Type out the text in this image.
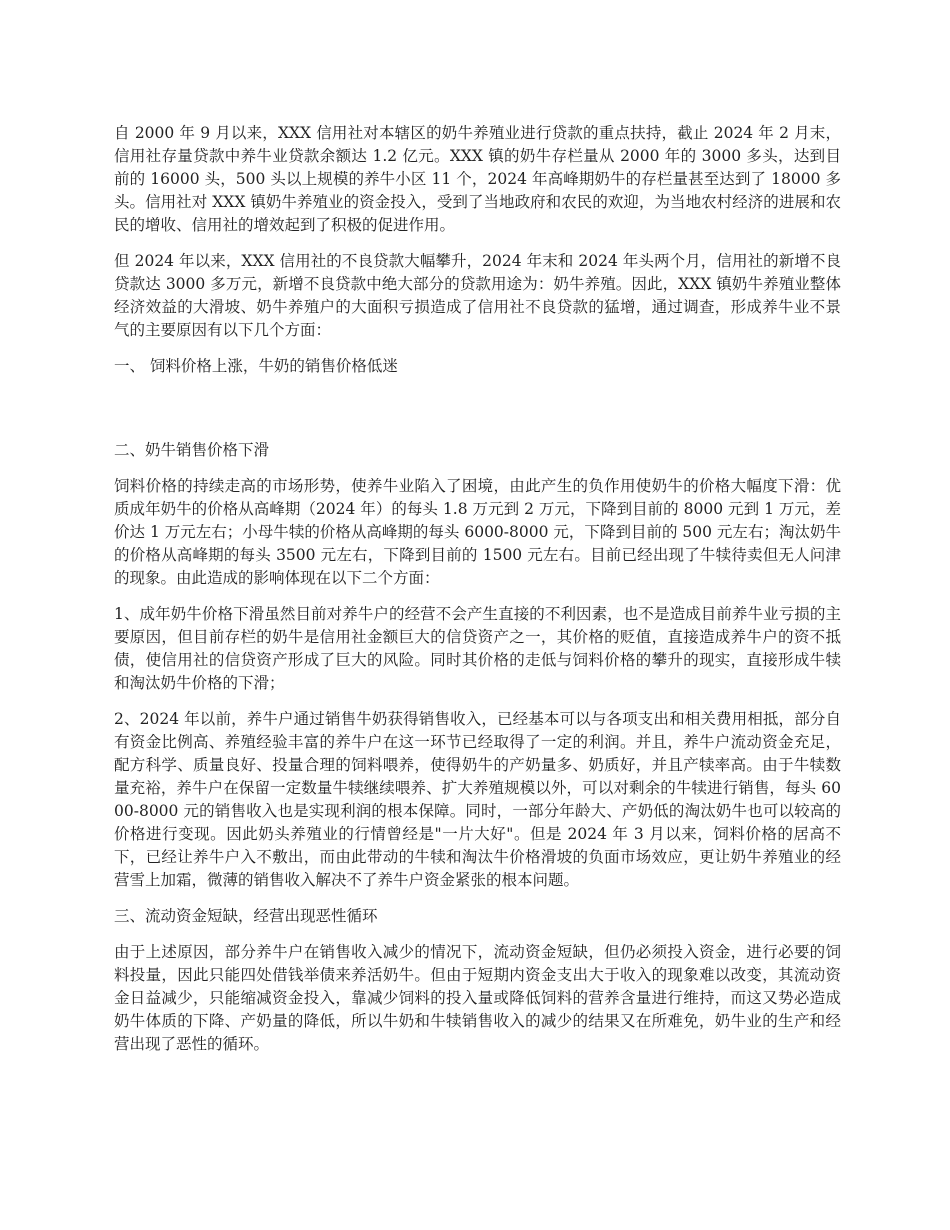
自 2000 年 9 月以来，XXX 信用社对本辖区的奶牛养殖业进行贷款的重点扶持，截止 2024 年 2 月末，信用社存量贷款中养牛业贷款余额达 1.2 亿元。XXX 镇的奶牛存栏量从 2000 年的 3000 多头，达到目前的 16000 头，500 头以上规模的养牛小区 11 个，2024 年高峰期奶牛的存栏量甚至达到了 18000 多头。信用社对 XXX 镇奶牛养殖业的资金投入，受到了当地政府和农民的欢迎，为当地农村经济的进展和农民的增收、信用社的增效起到了积极的促进作用。

但 2024 年以来，XXX 信用社的不良贷款大幅攀升，2024 年末和 2024 年头两个月，信用社的新增不良贷款达 3000 多万元，新增不良贷款中绝大部分的贷款用途为：奶牛养殖。因此，XXX 镇奶牛养殖业整体经济效益的大滑坡、奶牛养殖户的大面积亏损造成了信用社不良贷款的猛增，通过调查，形成养牛业不景气的主要原因有以下几个方面：

一、 饲料价格上涨，牛奶的销售价格低迷

二、奶牛销售价格下滑

饲料价格的持续走高的市场形势，使养牛业陷入了困境，由此产生的负作用使奶牛的价格大幅度下滑：优质成年奶牛的价格从高峰期（2024 年）的每头 1.8 万元到 2 万元，下降到目前的 8000 元到 1 万元，差价达 1 万元左右；小母牛犊的价格从高峰期的每头 6000-8000 元，下降到目前的 500 元左右；淘汰奶牛的价格从高峰期的每头 3500 元左右，下降到目前的 1500 元左右。目前已经出现了牛犊待卖但无人问津的现象。由此造成的影响体现在以下二个方面：

1、成年奶牛价格下滑虽然目前对养牛户的经营不会产生直接的不利因素，也不是造成目前养牛业亏损的主要原因，但目前存栏的奶牛是信用社金额巨大的信贷资产之一，其价格的贬值，直接造成养牛户的资不抵债，使信用社的信贷资产形成了巨大的风险。同时其价格的走低与饲料价格的攀升的现实，直接形成牛犊和淘汰奶牛价格的下滑；

2、2024 年以前，养牛户通过销售牛奶获得销售收入，已经基本可以与各项支出和相关费用相抵，部分自有资金比例高、养殖经验丰富的养牛户在这一环节已经取得了一定的利润。并且，养牛户流动资金充足，配方科学、质量良好、投量合理的饲料喂养，使得奶牛的产奶量多、奶质好，并且产犊率高。由于牛犊数量充裕，养牛户在保留一定数量牛犊继续喂养、扩大养殖规模以外，可以对剩余的牛犊进行销售，每头 6000-8000 元的销售收入也是实现利润的根本保障。同时，一部分年龄大、产奶低的淘汰奶牛也可以较高的价格进行变现。因此奶头养殖业的行情曾经是"一片大好"。但是 2024 年 3 月以来，饲料价格的居高不下，已经让养牛户入不敷出，而由此带动的牛犊和淘汰牛价格滑坡的负面市场效应，更让奶牛养殖业的经营雪上加霜，微薄的销售收入解决不了养牛户资金紧张的根本问题。

三、流动资金短缺，经营出现恶性循环

由于上述原因，部分养牛户在销售收入减少的情况下，流动资金短缺，但仍必须投入资金，进行必要的饲料投量，因此只能四处借钱举债来养活奶牛。但由于短期内资金支出大于收入的现象难以改变，其流动资金日益减少，只能缩减资金投入，靠减少饲料的投入量或降低饲料的营养含量进行维持，而这又势必造成奶牛体质的下降、产奶量的降低，所以牛奶和牛犊销售收入的减少的结果又在所难免，奶牛业的生产和经营出现了恶性的循环。
